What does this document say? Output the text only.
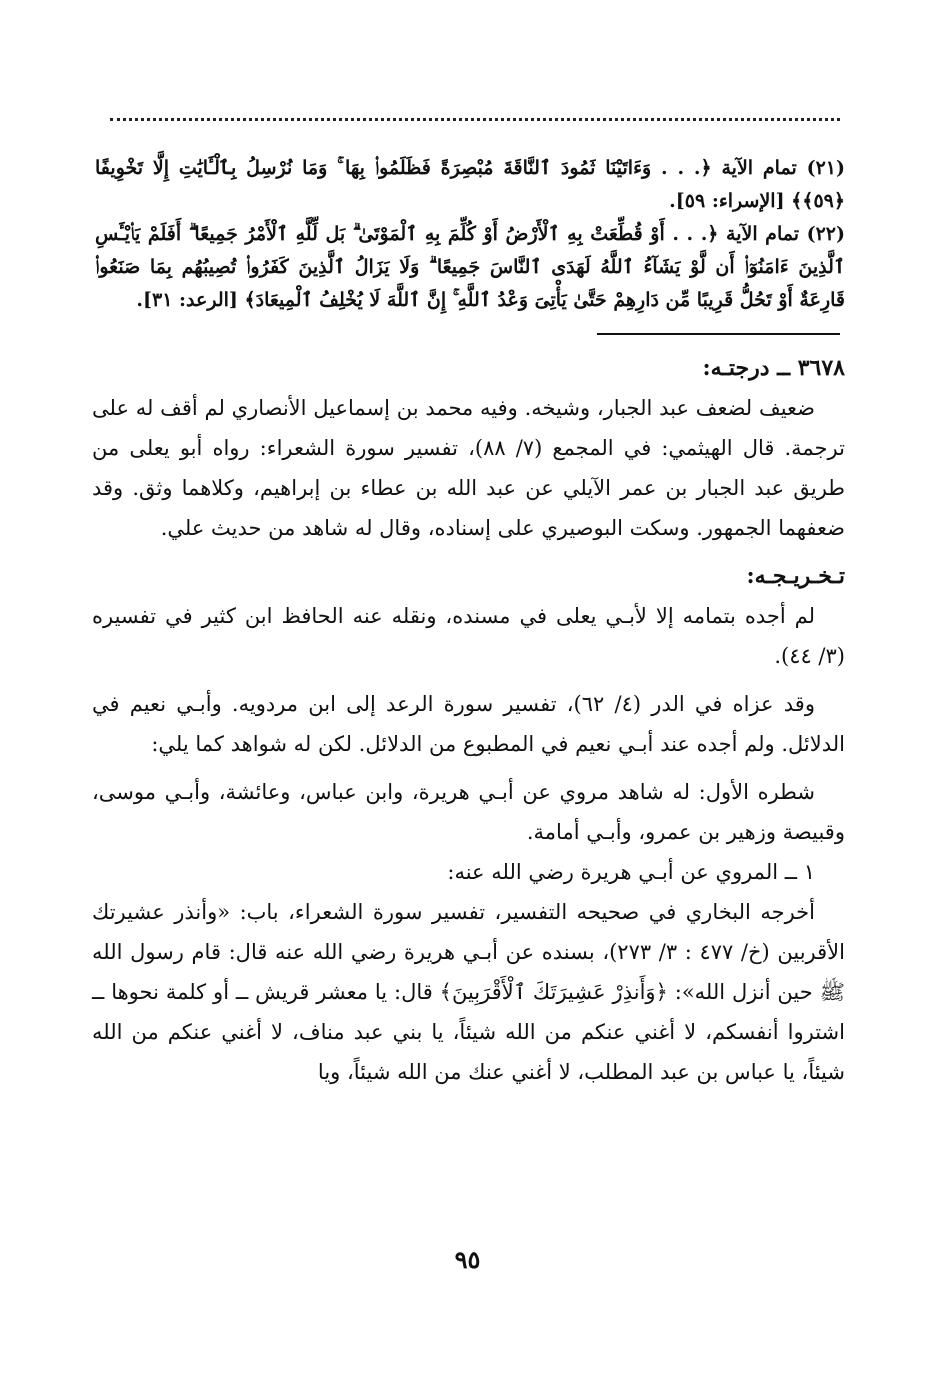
(٢١) تمام الآية ﴿. . . وَءَاتَيْنَا ثَمُودَ ٱلنَّاقَةَ مُبْصِرَةً فَظَلَمُوا۟ بِهَا ۚ وَمَا نُرْسِلُ بِٱلْـَٔايَٰتِ إِلَّا تَخْوِيفًا ﴿٥٩﴾﴾ [الإسراء: ٥٩].

(٢٢) تمام الآية ﴿. . . أَوْ قُطِّعَتْ بِهِ ٱلْأَرْضُ أَوْ كُلِّمَ بِهِ ٱلْمَوْتَىٰ ۗ بَل لِّلَّهِ ٱلْأَمْرُ جَمِيعًا ۗ أَفَلَمْ يَا۟يْـَٔسِ ٱلَّذِينَ ءَامَنُوٓا۟ أَن لَّوْ يَشَآءُ ٱللَّهُ لَهَدَى ٱلنَّاسَ جَمِيعًا ۗ وَلَا يَزَالُ ٱلَّذِينَ كَفَرُوا۟ تُصِيبُهُم بِمَا صَنَعُوا۟ قَارِعَةٌ أَوْ تَحُلُّ قَرِيبًا مِّن دَارِهِمْ حَتَّىٰ يَأْتِىَ وَعْدُ ٱللَّهِ ۚ إِنَّ ٱللَّهَ لَا يُخْلِفُ ٱلْمِيعَادَ﴾ [الرعد: ٣١].

٣٦٧٨ ــ درجتـه:

ضعيف لضعف عبد الجبار، وشيخه. وفيه محمد بن إسماعيل الأنصاري لم أقف له على ترجمة. قال الهيثمي: في المجمع (٧/ ٨٨)، تفسير سورة الشعراء: رواه أبو يعلى من طريق عبد الجبار بن عمر الآيلي عن عبد الله بن عطاء بن إبراهيم، وكلاهما وثق. وقد ضعفهما الجمهور. وسكت البوصيري على إسناده، وقال له شاهد من حديث علي.

تـخـريـجـه:

لم أجده بتمامه إلا لأبـي يعلى في مسنده، ونقله عنه الحافظ ابن كثير في تفسيره (٣/ ٤٤).

وقد عزاه في الدر (٤/ ٦٢)، تفسير سورة الرعد إلى ابن مردويه. وأبـي نعيم في الدلائل. ولم أجده عند أبـي نعيم في المطبوع من الدلائل. لكن له شواهد كما يلي:

شطره الأول: له شاهد مروي عن أبـي هريرة، وابن عباس، وعائشة، وأبـي موسى، وقبيصة وزهير بن عمرو، وأبـي أمامة.

١ ــ المروي عن أبـي هريرة رضي الله عنه:

أخرجه البخاري في صحيحه التفسير، تفسير سورة الشعراء، باب: «وأنذر عشيرتك الأقربين (خ/ ٤٧٧ : ٣/ ٢٧٣)، بسنده عن أبـي هريرة رضي الله عنه قال: قام رسول الله ﷺ حين أنزل الله»: ﴿وَأَنذِرْ عَشِيرَتَكَ ٱلْأَقْرَبِينَ﴾ قال: يا معشر قريش ــ أو كلمة نحوها ــ اشتروا أنفسكم، لا أغني عنكم من الله شيئاً، يا بني عبد مناف، لا أغني عنكم من الله شيئاً، يا عباس بن عبد المطلب، لا أغني عنك من الله شيئاً، ويا

٩٥
